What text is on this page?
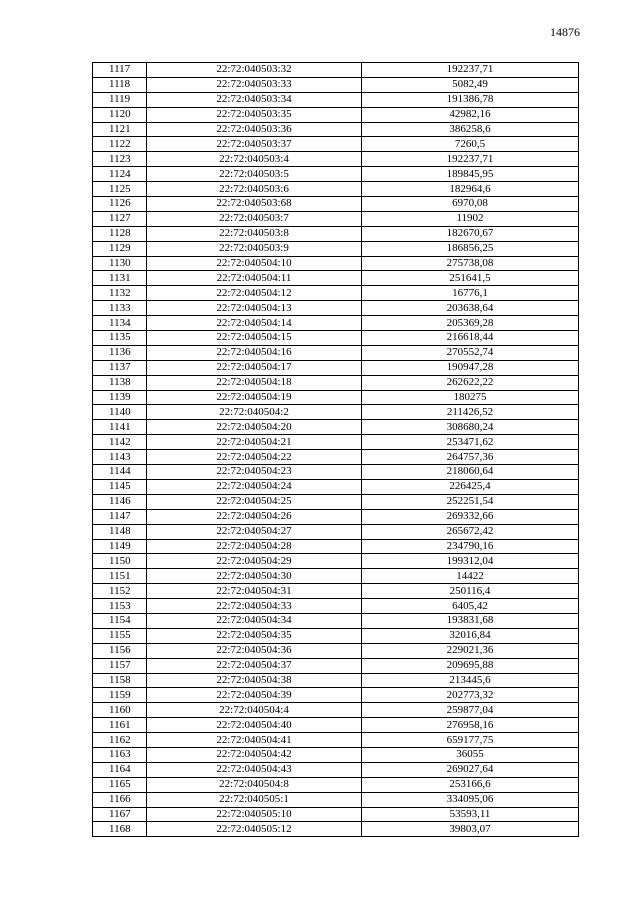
14876
1117	22:72:040503:32	192237,71
1118	22:72:040503:33	5082,49
1119	22:72:040503:34	191386,78
1120	22:72:040503:35	42982,16
1121	22:72:040503:36	386258,6
1122	22:72:040503:37	7260,5
1123	22:72:040503:4	192237,71
1124	22:72:040503:5	189845,95
1125	22:72:040503:6	182964,6
1126	22:72:040503:68	6970,08
1127	22:72:040503:7	11902
1128	22:72:040503:8	182670,67
1129	22:72:040503:9	186856,25
1130	22:72:040504:10	275738,08
1131	22:72:040504:11	251641,5
1132	22:72:040504:12	16776,1
1133	22:72:040504:13	203638,64
1134	22:72:040504:14	205369,28
1135	22:72:040504:15	216618,44
1136	22:72:040504:16	270552,74
1137	22:72:040504:17	190947,28
1138	22:72:040504:18	262622,22
1139	22:72:040504:19	180275
1140	22:72:040504:2	211426,52
1141	22:72:040504:20	308680,24
1142	22:72:040504:21	253471,62
1143	22:72:040504:22	264757,36
1144	22:72:040504:23	218060,64
1145	22:72:040504:24	226425,4
1146	22:72:040504:25	252251,54
1147	22:72:040504:26	269332,66
1148	22:72:040504:27	265672,42
1149	22:72:040504:28	234790,16
1150	22:72:040504:29	199312,04
1151	22:72:040504:30	14422
1152	22:72:040504:31	250116,4
1153	22:72:040504:33	6405,42
1154	22:72:040504:34	193831,68
1155	22:72:040504:35	32016,84
1156	22:72:040504:36	229021,36
1157	22:72:040504:37	209695,88
1158	22:72:040504:38	213445,6
1159	22:72:040504:39	202773,32
1160	22:72:040504:4	259877,04
1161	22:72:040504:40	276958,16
1162	22:72:040504:41	659177,75
1163	22:72:040504:42	36055
1164	22:72:040504:43	269027,64
1165	22:72:040504:8	253166,6
1166	22:72:040505:1	334095,06
1167	22:72:040505:10	53593,11
1168	22:72:040505:12	39803,07
